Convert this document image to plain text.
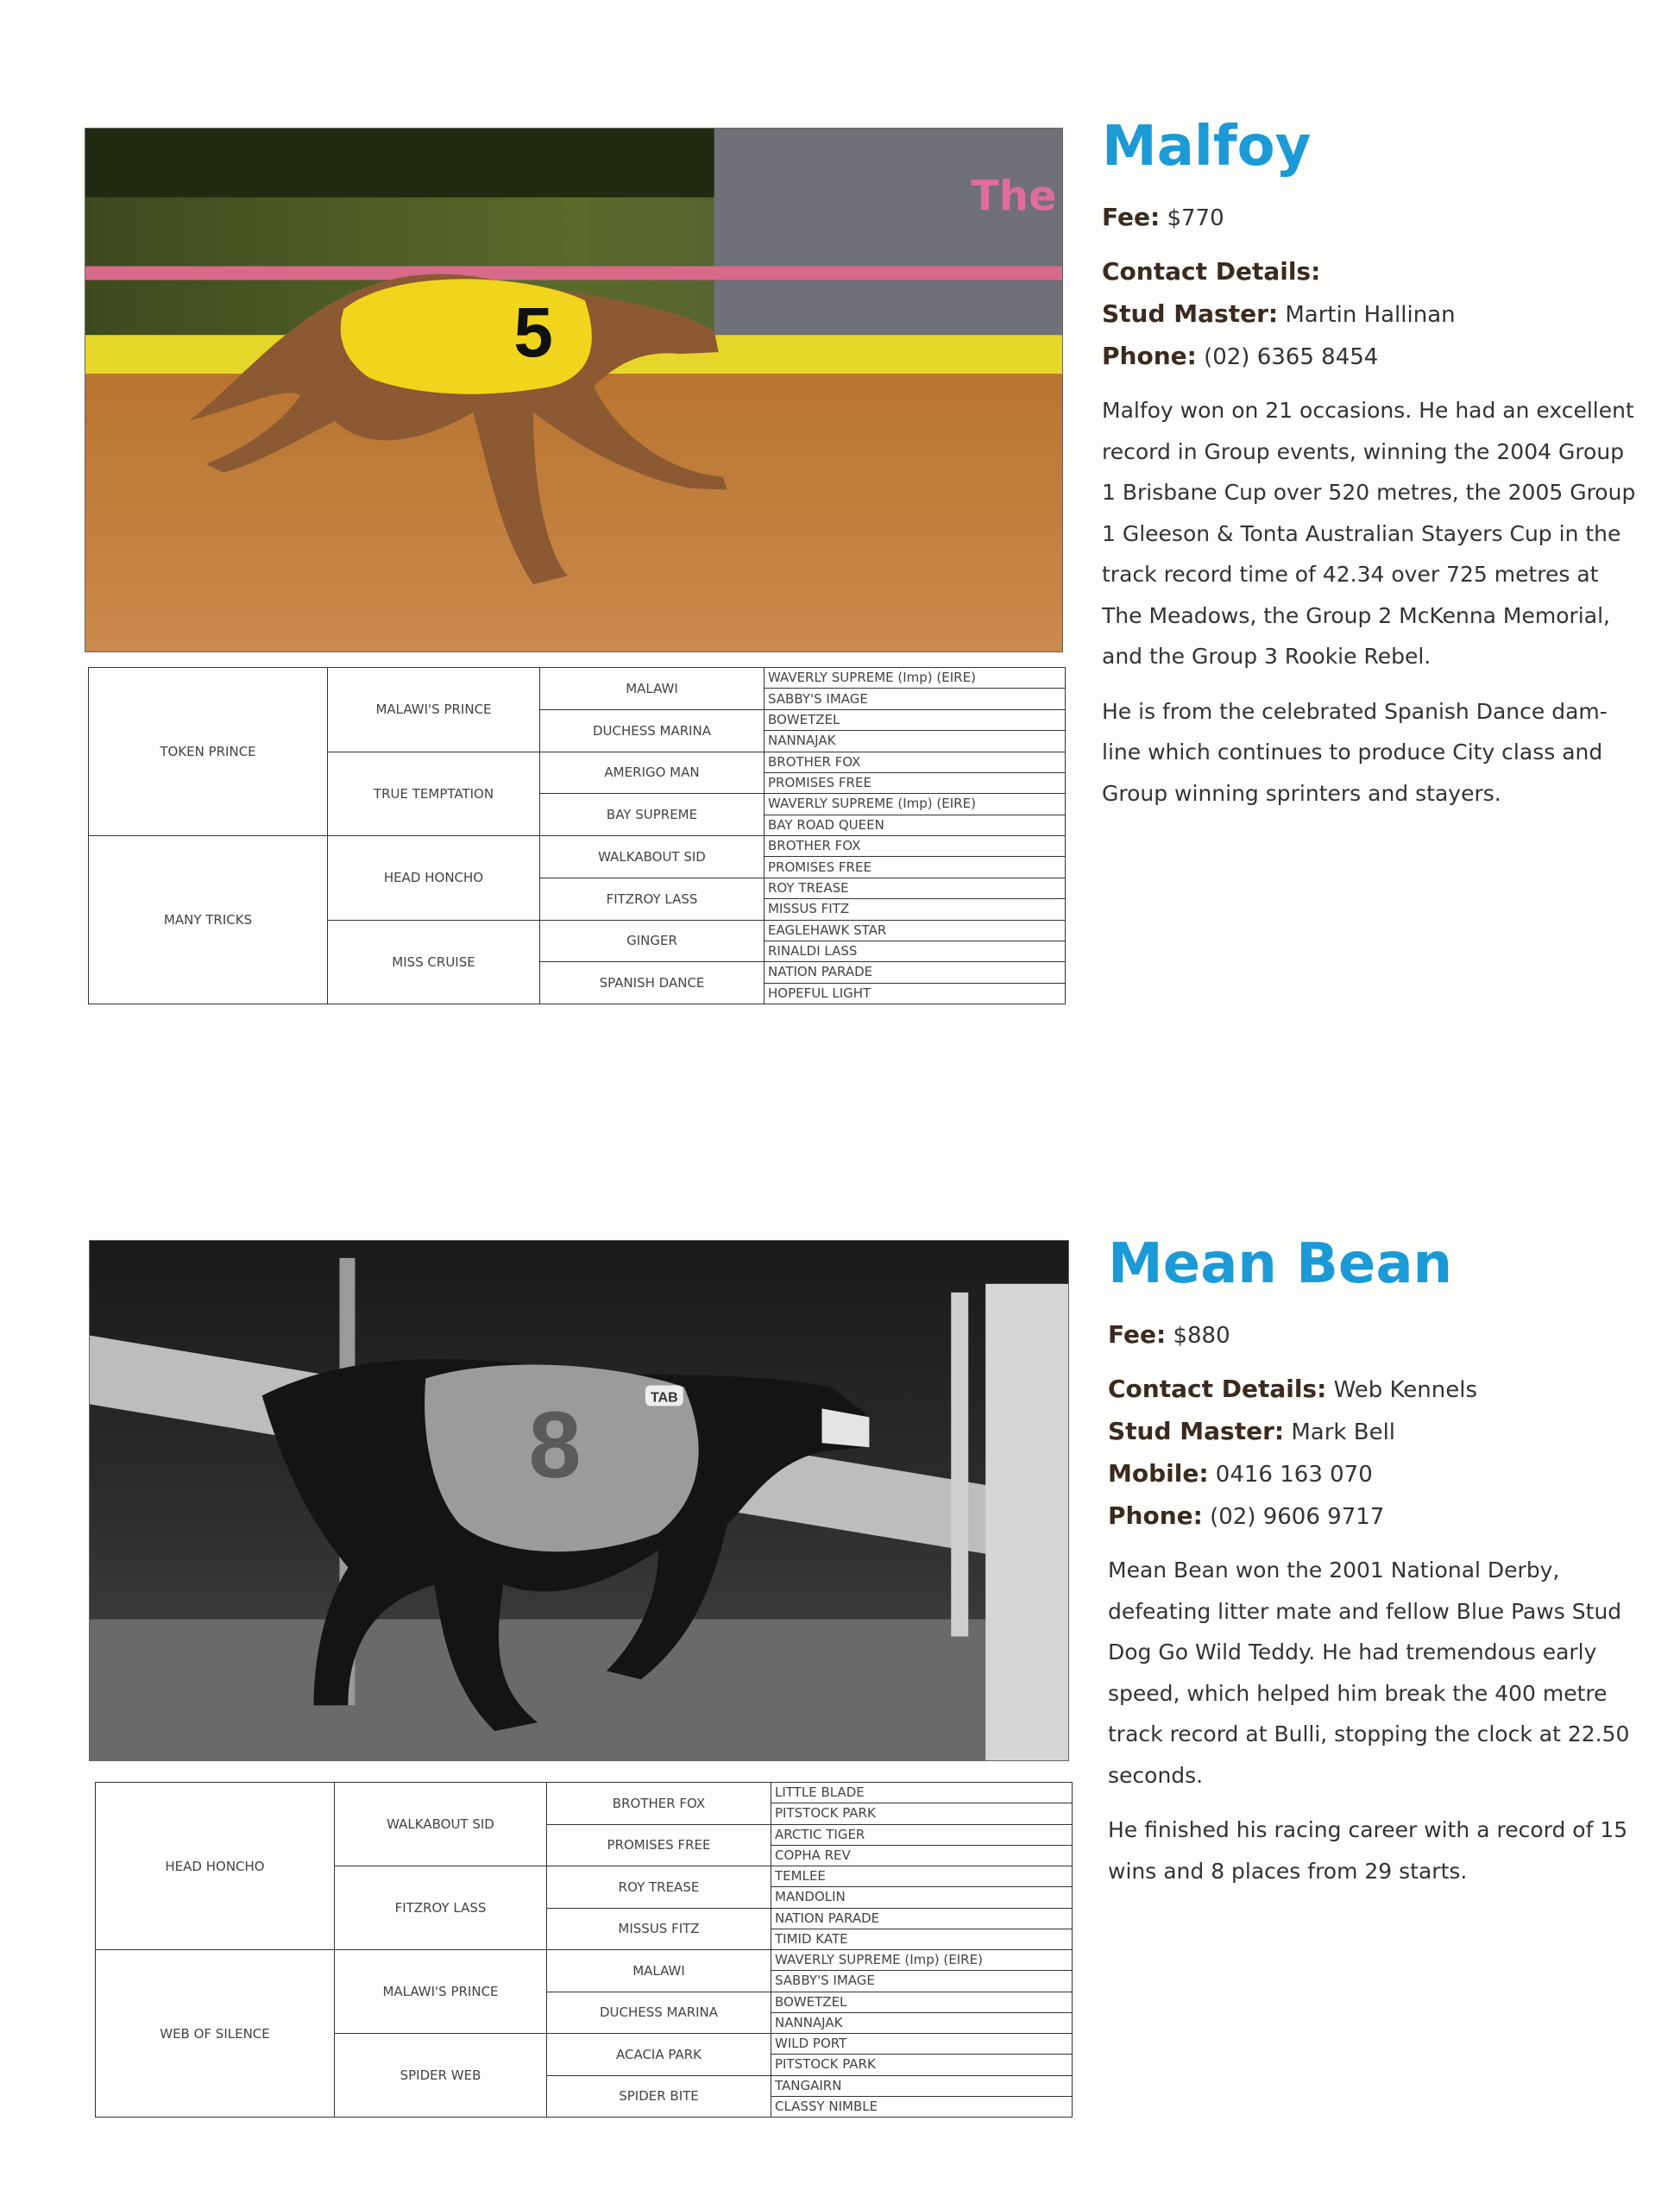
The
5
TOKEN PRINCE	MALAWI'S PRINCE	MALAWI	WAVERLY SUPREME (Imp) (EIRE)
			SABBY'S IMAGE
		DUCHESS MARINA	BOWETZEL
			NANNAJAK
	TRUE TEMPTATION	AMERIGO MAN	BROTHER FOX
			PROMISES FREE
		BAY SUPREME	WAVERLY SUPREME (Imp) (EIRE)
			BAY ROAD QUEEN
MANY TRICKS	HEAD HONCHO	WALKABOUT SID	BROTHER FOX
			PROMISES FREE
		FITZROY LASS	ROY TREASE
			MISSUS FITZ
	MISS CRUISE	GINGER	EAGLEHAWK STAR
			RINALDI LASS
		SPANISH DANCE	NATION PARADE
			HOPEFUL LIGHT
Malfoy
Fee: $770
Contact Details:
Stud Master: Martin Hallinan
Phone: (02) 6365 8454

Malfoy won on 21 occasions. He had an excellent record in Group events, winning the 2004 Group 1 Brisbane Cup over 520 metres, the 2005 Group 1 Gleeson & Tonta Australian Stayers Cup in the track record time of 42.34 over 725 metres at The Meadows, the Group 2 McKenna Memorial, and the Group 3 Rookie Rebel.

He is from the celebrated Spanish Dance dam-line which continues to produce City class and Group winning sprinters and stayers.

8	TAB
HEAD HONCHO	WALKABOUT SID	BROTHER FOX	LITTLE BLADE
			PITSTOCK PARK
		PROMISES FREE	ARCTIC TIGER
			COPHA REV
	FITZROY LASS	ROY TREASE	TEMLEE
			MANDOLIN
		MISSUS FITZ	NATION PARADE
			TIMID KATE
WEB OF SILENCE	MALAWI'S PRINCE	MALAWI	WAVERLY SUPREME (Imp) (EIRE)
			SABBY'S IMAGE
		DUCHESS MARINA	BOWETZEL
			NANNAJAK
	SPIDER WEB	ACACIA PARK	WILD PORT
			PITSTOCK PARK
		SPIDER BITE	TANGAIRN
			CLASSY NIMBLE
Mean Bean
Fee: $880
Contact Details: Web Kennels
Stud Master: Mark Bell
Mobile: 0416 163 070
Phone: (02) 9606 9717

Mean Bean won the 2001 National Derby, defeating litter mate and fellow Blue Paws Stud Dog Go Wild Teddy. He had tremendous early speed, which helped him break the 400 metre track record at Bulli, stopping the clock at 22.50 seconds.

He finished his racing career with a record of 15 wins and 8 places from 29 starts.
